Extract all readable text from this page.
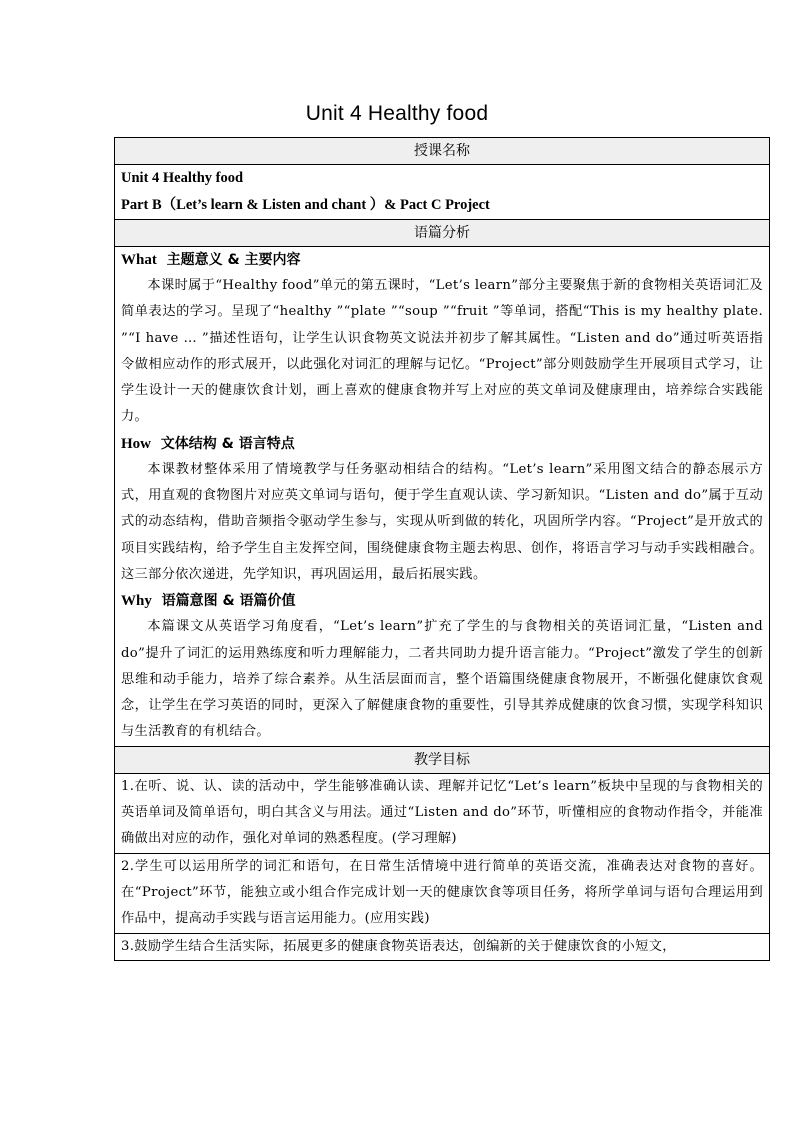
Unit 4 Healthy food
授课名称

Unit 4 Healthy food
Part B（Let’s learn & Listen and chant ）& Pact C Project

语篇分析

What 主题意义 & 主要内容

本课时属于“Healthy food”单元的第五课时，“Let’s learn”部分主要聚焦于新的食物相关英语词汇及简单表达的学习。呈现了“healthy ”“plate ”“soup ”“fruit ”等单词，搭配“This is my healthy plate. ”“I have … ”描述性语句，让学生认识食物英文说法并初步了解其属性。“Listen and do”通过听英语指令做相应动作的形式展开，以此强化对词汇的理解与记忆。“Project”部分则鼓励学生开展项目式学习，让学生设计一天的健康饮食计划，画上喜欢的健康食物并写上对应的英文单词及健康理由，培养综合实践能力。

How 文体结构 & 语言特点

本课教材整体采用了情境教学与任务驱动相结合的结构。“Let’s learn”采用图文结合的静态展示方式，用直观的食物图片对应英文单词与语句，便于学生直观认读、学习新知识。“Listen and do”属于互动式的动态结构，借助音频指令驱动学生参与，实现从听到做的转化，巩固所学内容。“Project”是开放式的项目实践结构，给予学生自主发挥空间，围绕健康食物主题去构思、创作，将语言学习与动手实践相融合。这三部分依次递进，先学知识，再巩固运用，最后拓展实践。

Why 语篇意图 & 语篇价值

本篇课文从英语学习角度看，“Let’s learn”扩充了学生的与食物相关的英语词汇量，“Listen and do”提升了词汇的运用熟练度和听力理解能力，二者共同助力提升语言能力。“Project”激发了学生的创新思维和动手能力，培养了综合素养。从生活层面而言，整个语篇围绕健康食物展开，不断强化健康饮食观念，让学生在学习英语的同时，更深入了解健康食物的重要性，引导其养成健康的饮食习惯，实现学科知识与生活教育的有机结合。

教学目标

1.在听、说、认、读的活动中，学生能够准确认读、理解并记忆“Let’s learn”板块中呈现的与食物相关的英语单词及简单语句，明白其含义与用法。通过“Listen and do”环节，听懂相应的食物动作指令，并能准确做出对应的动作，强化对单词的熟悉程度。(学习理解)

2.学生可以运用所学的词汇和语句，在日常生活情境中进行简单的英语交流，准确表达对食物的喜好。在“Project”环节，能独立或小组合作完成计划一天的健康饮食等项目任务，将所学单词与语句合理运用到作品中，提高动手实践与语言运用能力。(应用实践)

3.鼓励学生结合生活实际，拓展更多的健康食物英语表达，创编新的关于健康饮食的小短文，
